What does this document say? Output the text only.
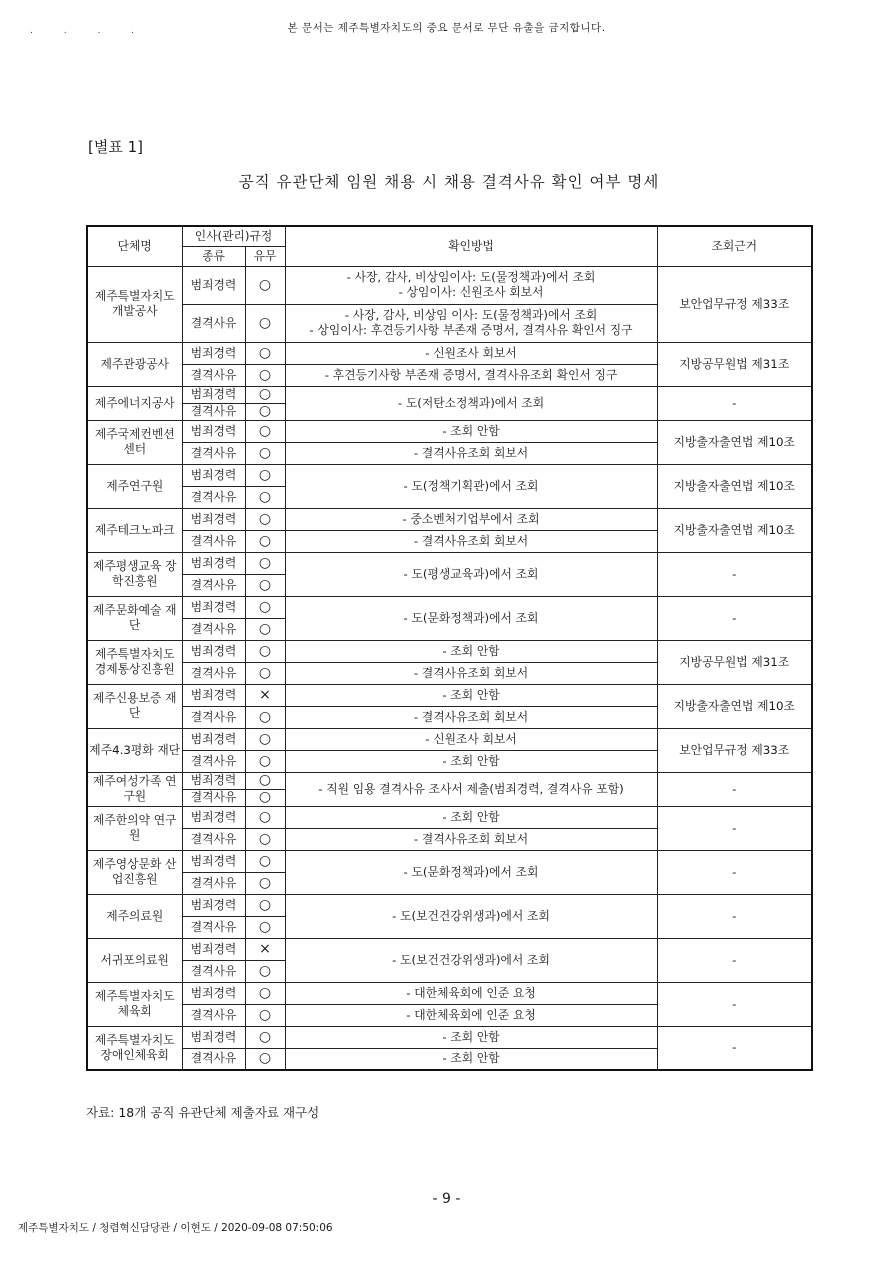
. . . .	본 문서는 제주특별자치도의 중요 문서로 무단 유출을 금지합니다.
[별표 1]
공직 유관단체 임원 채용 시 채용 결격사유 확인 여부 명세
단체명	인사(관리)규정		확인방법	조회근거
	종류	유무		
제주특별자치도 개발공사	범죄경력	○	- 사장, 감사, 비상임이사: 도(물정책과)에서 조회
- 상임이사: 신원조사 회보서	보안업무규정 제33조
	결격사유	○	- 사장, 감사, 비상임 이사: 도(물정책과)에서 조회
- 상임이사: 후견등기사항 부존재 증명서, 결격사유 확인서 징구	

제주관광공사	범죄경력	○	- 신원조사 회보서	지방공무원법 제31조
	결격사유	○	- 후견등기사항 부존재 증명서, 결격사유조회 확인서 징구	

제주에너지공사	범죄경력	○	- 도(저탄소정책과)에서 조회	-
	결격사유	○		
제주국제컨벤션 센터	범죄경력	○	- 조회 안함	지방출자출연법 제10조
	결격사유	○	- 결격사유조회 회보서	

제주연구원	범죄경력	○	- 도(정책기획관)에서 조회	지방출자출연법 제10조
	결격사유	○		
제주테크노파크	범죄경력	○	- 중소벤처기업부에서 조회	지방출자출연법 제10조
	결격사유	○	- 결격사유조회 회보서	

제주평생교육 장학진흥원	범죄경력	○	- 도(평생교육과)에서 조회	-
	결격사유	○		
제주문화예술 재단	범죄경력	○	- 도(문화정책과)에서 조회	-
	결격사유	○		
제주특별자치도 경제통상진흥원	범죄경력	○	- 조회 안함	지방공무원법 제31조
	결격사유	○	- 결격사유조회 회보서	

제주신용보증 재단	범죄경력	×	- 조회 안함	지방출자출연법 제10조
	결격사유	○	- 결격사유조회 회보서	

제주4.3평화 재단	범죄경력	○	- 신원조사 회보서	보안업무규정 제33조
	결격사유	○	- 조회 안함	

제주여성가족 연구원	범죄경력	○	- 직원 임용 결격사유 조사서 제출(범죄경력, 결격사유 포함)	-
	결격사유	○		
제주한의약 연구원	범죄경력	○	- 조회 안함	-
	결격사유	○	- 결격사유조회 회보서	

제주영상문화 산업진흥원	범죄경력	○	- 도(문화정책과)에서 조회	-
	결격사유	○		
제주의료원	범죄경력	○	- 도(보건건강위생과)에서 조회	-
	결격사유	○		
서귀포의료원	범죄경력	×	- 도(보건건강위생과)에서 조회	-
	결격사유	○		
제주특별자치도 체육회	범죄경력	○	- 대한체육회에 인준 요청	-
	결격사유	○	- 대한체육회에 인준 요청	

제주특별자치도 장애인체육회	범죄경력	○	- 조회 안함	-
	결격사유	○	- 조회 안함	
자료: 18개 공직 유관단체 제출자료 재구성
- 9 -
제주특별자치도 / 청렴혁신담당관 / 이현도 / 2020-09-08 07:50:06
